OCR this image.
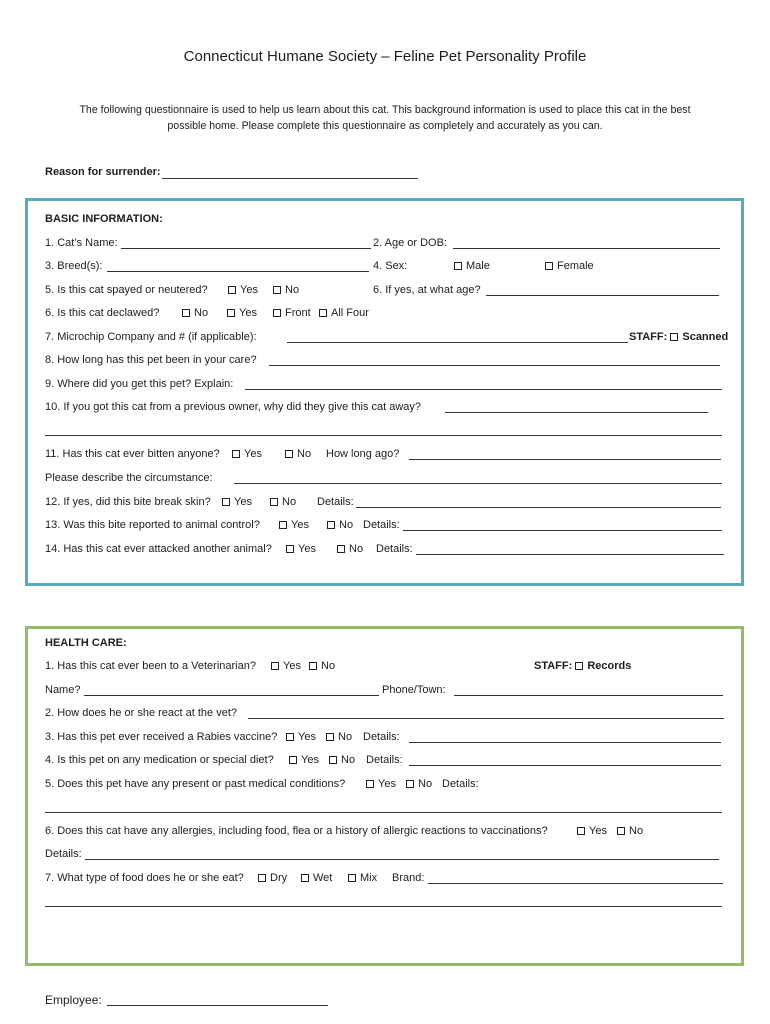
Connecticut Humane Society – Feline Pet Personality Profile
The following questionnaire is used to help us learn about this cat. This background information is used to place this cat in the best
possible home. Please complete this questionnaire as completely and accurately as you can.
Reason for surrender:
BASIC INFORMATION:
1. Cat’s Name:	2. Age or DOB:
3. Breed(s):	4. Sex:	Male	Female
5. Is this cat spayed or neutered?	Yes	No	6. If yes, at what age?
6. Is this cat declawed?	No	Yes	Front	All Four
7. Microchip Company and # (if applicable):	STAFF: Scanned
8. How long has this pet been in your care?
9. Where did you get this pet? Explain:
10. If you got this cat from a previous owner, why did they give this cat away?
11. Has this cat ever bitten anyone?	Yes	No How long ago?
Please describe the circumstance:
12. If yes, did this bite break skin?	Yes	No Details:
13. Was this bite reported to animal control?	Yes	No Details:
14. Has this cat ever attacked another animal?	Yes	No Details:
HEALTH CARE:
1. Has this cat ever been to a Veterinarian?	Yes	No	STAFF: Records
Name?	Phone/Town:
2. How does he or she react at the vet?
3. Has this pet ever received a Rabies vaccine?	Yes	No Details:
4. Is this pet on any medication or special diet?	Yes	No Details:
5. Does this pet have any present or past medical conditions?	Yes	No Details:
6. Does this cat have any allergies, including food, flea or a history of allergic reactions to vaccinations?	Yes	No
Details:
7. What type of food does he or she eat?	Dry	Wet	Mix Brand:
Employee:
